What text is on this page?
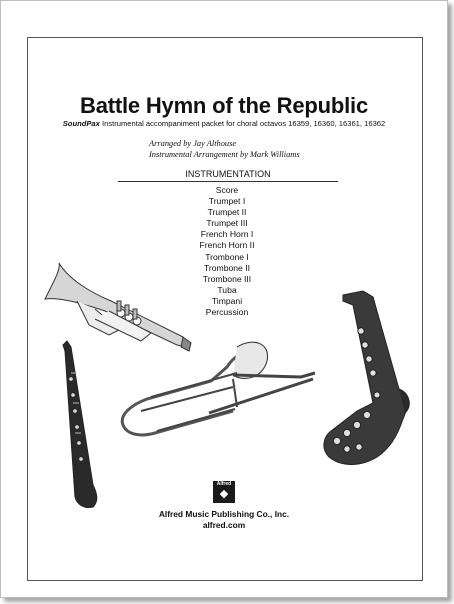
Battle Hymn of the Republic
SoundPax Instrumental accompaniment packet for choral octavos 16359, 16360, 16361, 16362
Arranged by Jay Althouse
Instrumental Arrangement by Mark Williams
INSTRUMENTATION
Score
Trumpet I
Trumpet II
Trumpet III
French Horn I
French Horn II
Trombone I
Trombone II
Trombone III
Tuba
Timpani
Percussion
Alfred
◆
Alfred Music Publishing Co., Inc.
alfred.com
